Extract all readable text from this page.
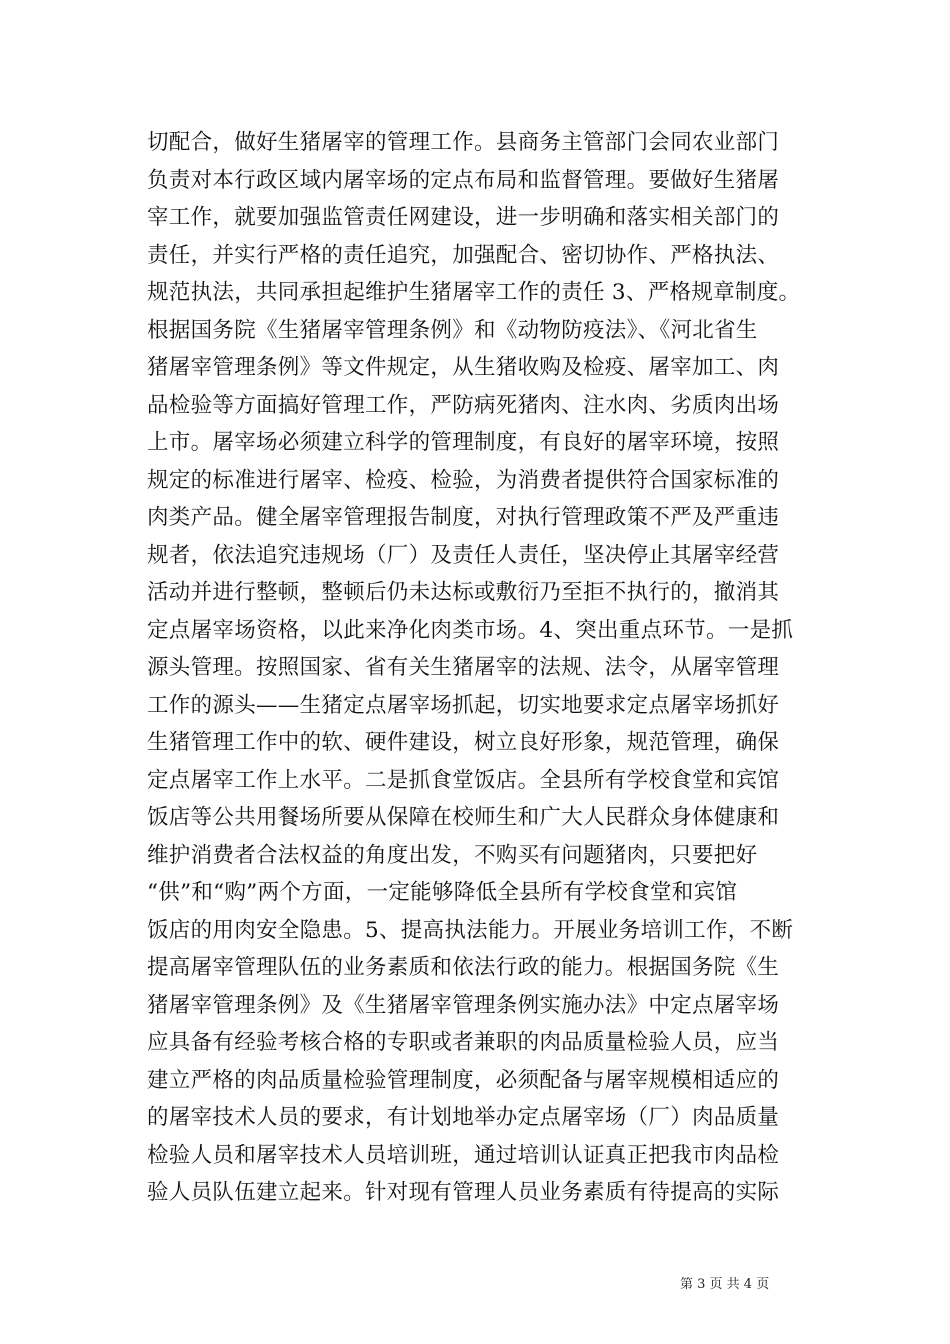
切配合，做好生猪屠宰的管理工作。县商务主管部门会同农业部门
负责对本行政区域内屠宰场的定点布局和监督管理。要做好生猪屠
宰工作，就要加强监管责任网建设，进一步明确和落实相关部门的
责任，并实行严格的责任追究，加强配合、密切协作、严格执法、
规范执法，共同承担起维护生猪屠宰工作的责任 3、严格规章制度。
根据国务院《生猪屠宰管理条例》和《动物防疫法》、《河北省生
猪屠宰管理条例》等文件规定，从生猪收购及检疫、屠宰加工、肉
品检验等方面搞好管理工作，严防病死猪肉、注水肉、劣质肉出场
上市。屠宰场必须建立科学的管理制度，有良好的屠宰环境，按照
规定的标准进行屠宰、检疫、检验，为消费者提供符合国家标准的
肉类产品。健全屠宰管理报告制度，对执行管理政策不严及严重违
规者，依法追究违规场（厂）及责任人责任，坚决停止其屠宰经营
活动并进行整顿，整顿后仍未达标或敷衍乃至拒不执行的，撤消其
定点屠宰场资格，以此来净化肉类市场。4、突出重点环节。一是抓
源头管理。按照国家、省有关生猪屠宰的法规、法令，从屠宰管理
工作的源头——生猪定点屠宰场抓起，切实地要求定点屠宰场抓好
生猪管理工作中的软、硬件建设，树立良好形象，规范管理，确保
定点屠宰工作上水平。二是抓食堂饭店。全县所有学校食堂和宾馆
饭店等公共用餐场所要从保障在校师生和广大人民群众身体健康和
维护消费者合法权益的角度出发，不购买有问题猪肉，只要把好
“供”和“购”两个方面，一定能够降低全县所有学校食堂和宾馆
饭店的用肉安全隐患。5、提高执法能力。开展业务培训工作，不断
提高屠宰管理队伍的业务素质和依法行政的能力。根据国务院《生
猪屠宰管理条例》及《生猪屠宰管理条例实施办法》中定点屠宰场
应具备有经验考核合格的专职或者兼职的肉品质量检验人员，应当
建立严格的肉品质量检验管理制度，必须配备与屠宰规模相适应的
的屠宰技术人员的要求，有计划地举办定点屠宰场（厂）肉品质量
检验人员和屠宰技术人员培训班，通过培训认证真正把我市肉品检
验人员队伍建立起来。针对现有管理人员业务素质有待提高的实际
第 3 页 共 4 页
